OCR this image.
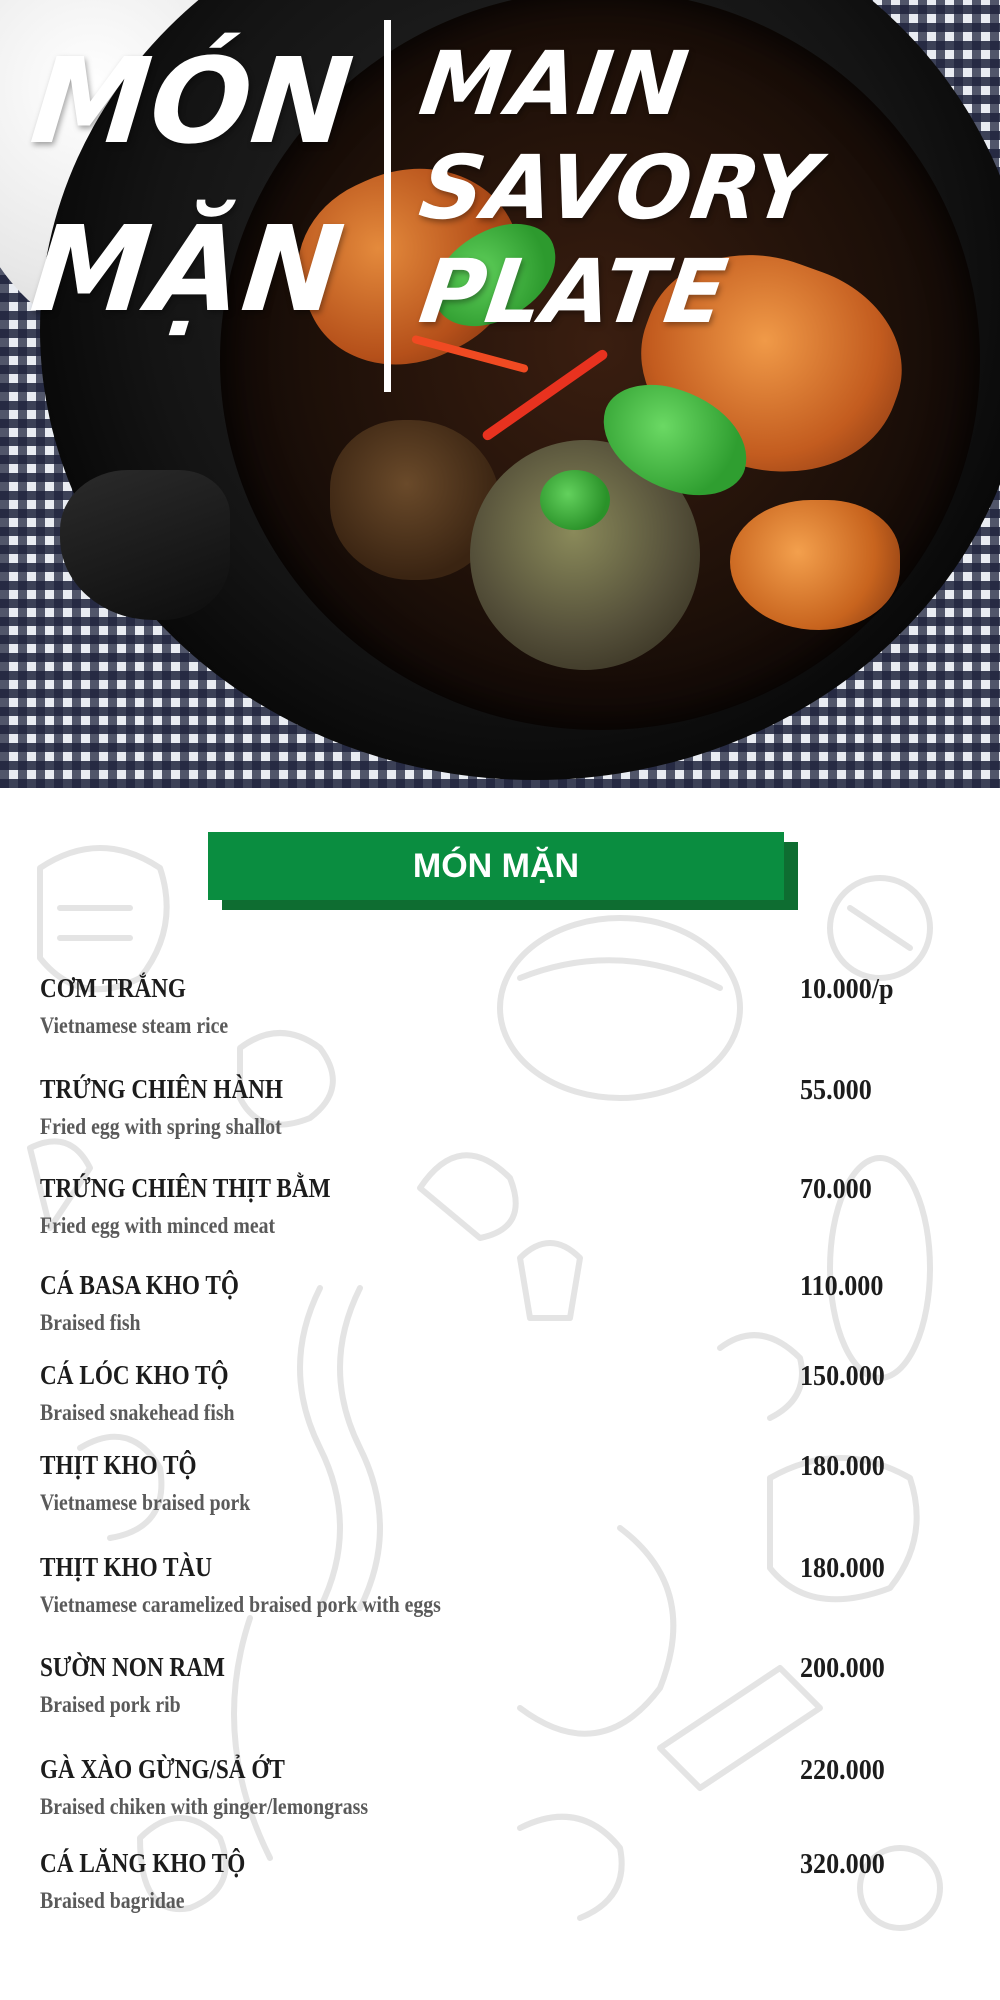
MÓN
MẶN
MAIN
SAVORY
PLATE
MÓN MẶN
CƠM TRẮNG
Vietnamese steam rice
10.000/p
TRỨNG CHIÊN HÀNH
Fried egg with spring shallot
55.000
TRỨNG CHIÊN THỊT BẰM
Fried egg with minced meat
70.000
CÁ BASA KHO TỘ
Braised fish
110.000
CÁ LÓC KHO TỘ
Braised snakehead fish
150.000
THỊT KHO TỘ
Vietnamese braised pork
180.000
THỊT KHO TÀU
Vietnamese caramelized braised pork with eggs
180.000
SƯỜN NON RAM
Braised pork rib
200.000
GÀ XÀO GỪNG/SẢ ỚT
Braised chiken with ginger/lemongrass
220.000
CÁ LĂNG KHO TỘ
Braised bagridae
320.000
